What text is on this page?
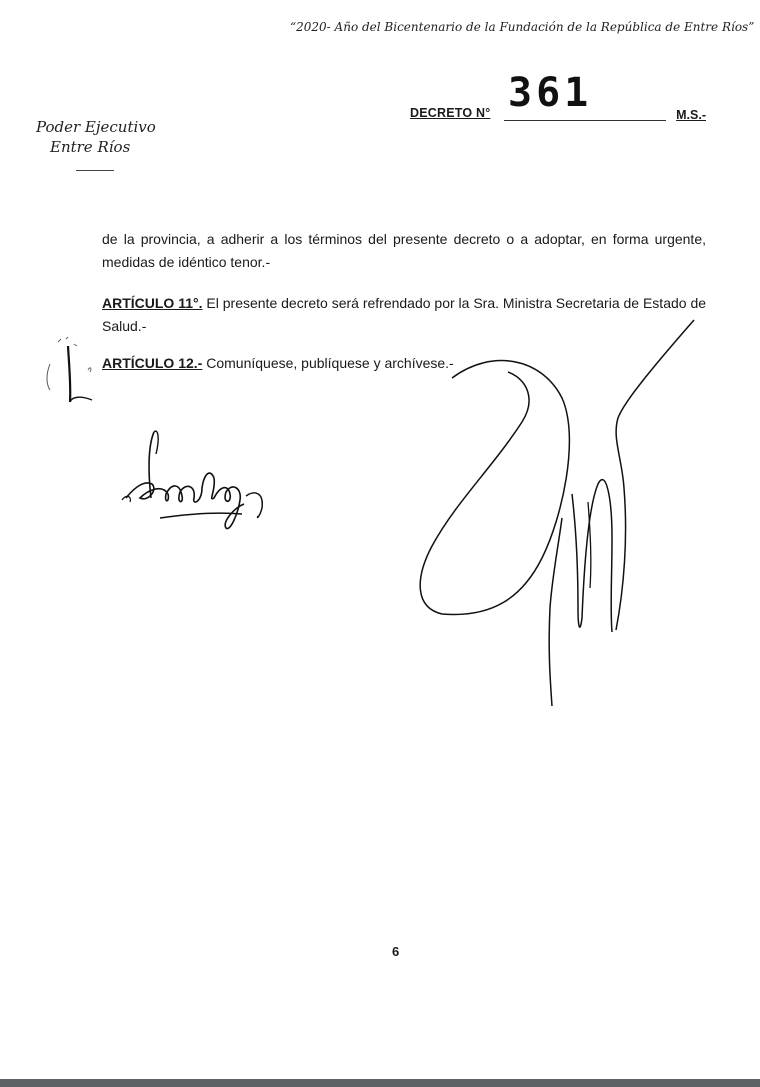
“2020- Año del Bicentenario de la Fundación de la República de Entre Ríos”
DECRETO N° 361	M.S.-
Poder Ejecutivo
Entre Ríos
de la provincia, a adherir a los términos del presente decreto o a adoptar, en forma urgente, medidas de idéntico tenor.-
ARTÍCULO 11°. El presente decreto será refrendado por la Sra. Ministra Secretaria de Estado de Salud.-
ARTÍCULO 12.- Comuníquese, publíquese y archívese.-
6
